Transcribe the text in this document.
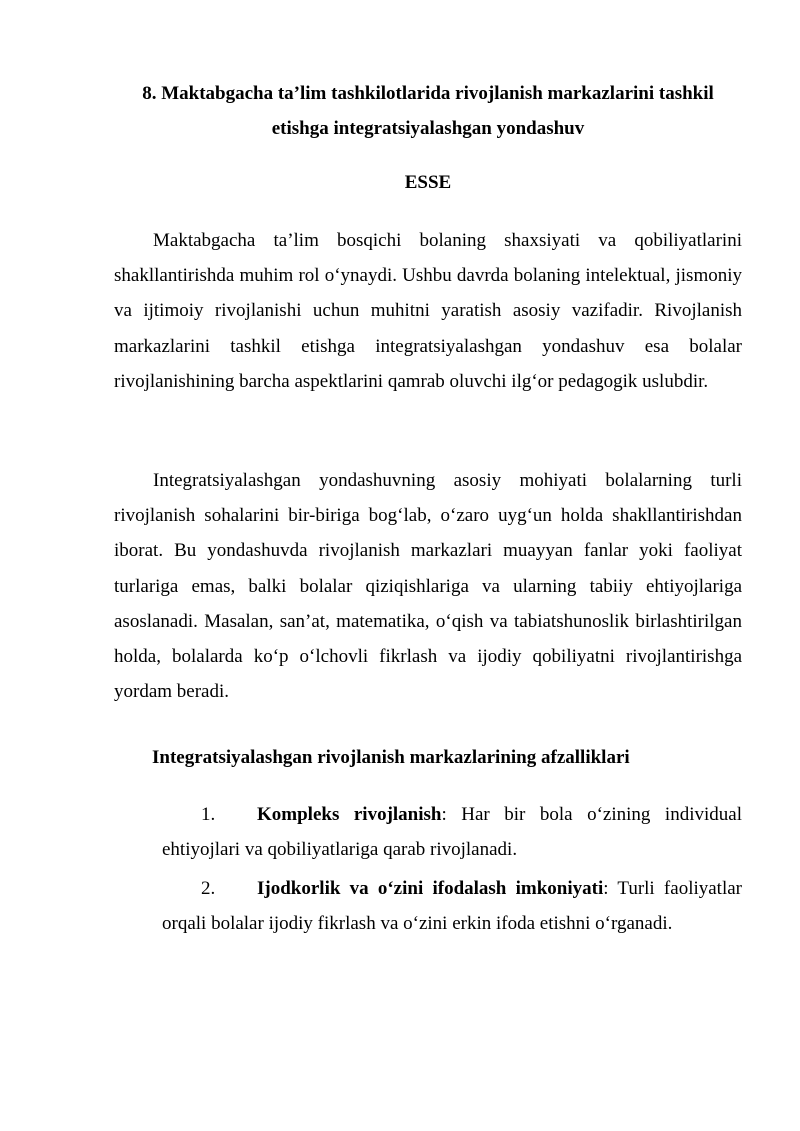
8. Maktabgacha ta’lim tashkilotlarida rivojlanish markazlarini tashkil etishga integratsiyalashgan yondashuv
ESSE

Maktabgacha ta’lim bosqichi bolaning shaxsiyati va qobiliyatlarini shakllantirishda muhim rol o‘ynaydi. Ushbu davrda bolaning intelektual, jismoniy va ijtimoiy rivojlanishi uchun muhitni yaratish asosiy vazifadir. Rivojlanish markazlarini tashkil etishga integratsiyalashgan yondashuv esa bolalar rivojlanishining barcha aspektlarini qamrab oluvchi ilg‘or pedagogik uslubdir.

Integratsiyalashgan yondashuvning asosiy mohiyati bolalarning turli rivojlanish sohalarini bir-biriga bog‘lab, o‘zaro uyg‘un holda shakllantirishdan iborat. Bu yondashuvda rivojlanish markazlari muayyan fanlar yoki faoliyat turlariga emas, balki bolalar qiziqishlariga va ularning tabiiy ehtiyojlariga asoslanadi. Masalan, san’at, matematika, o‘qish va tabiatshunoslik birlashtirilgan holda, bolalarda ko‘p o‘lchovli fikrlash va ijodiy qobiliyatni rivojlantirishga yordam beradi.

Integratsiyalashgan rivojlanish markazlarining afzalliklari

1. Kompleks rivojlanish: Har bir bola o‘zining individual ehtiyojlari va qobiliyatlariga qarab rivojlanadi.

2. Ijodkorlik va o‘zini ifodalash imkoniyati: Turli faoliyatlar orqali bolalar ijodiy fikrlash va o‘zini erkin ifoda etishni o‘rganadi.
